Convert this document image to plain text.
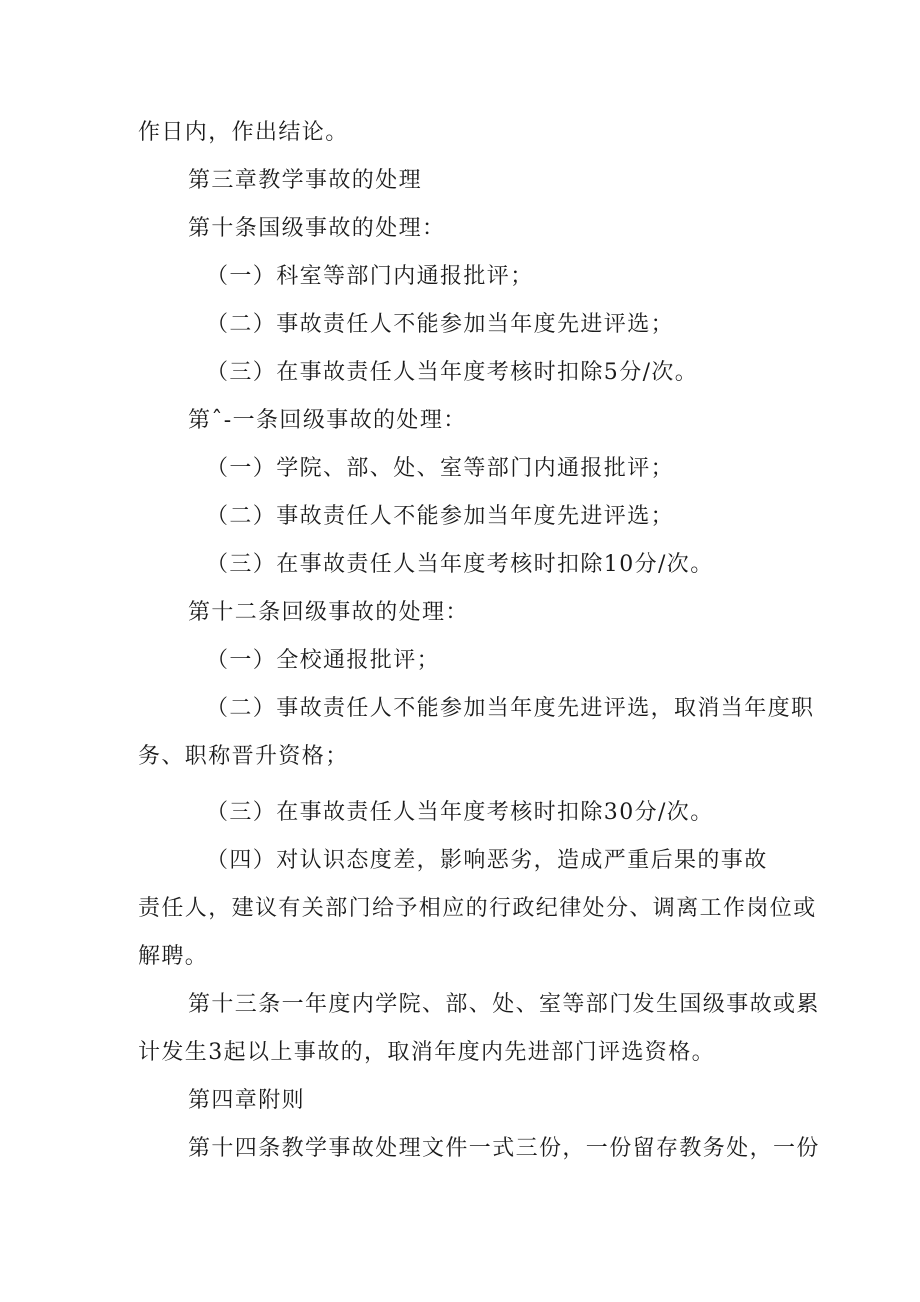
作日内，作出结论。
第三章教学事故的处理
第十条国级事故的处理：
（一）科室等部门内通报批评；
（二）事故责任人不能参加当年度先进评选；
（三）在事故责任人当年度考核时扣除5分/次。
第ˆ-一条回级事故的处理：
（一）学院、部、处、室等部门内通报批评；
（二）事故责任人不能参加当年度先进评选；
（三）在事故责任人当年度考核时扣除10分/次。
第十二条回级事故的处理：
（一）全校通报批评；
（二）事故责任人不能参加当年度先进评选，取消当年度职
务、职称晋升资格；
（三）在事故责任人当年度考核时扣除30分/次。
（四）对认识态度差，影响恶劣，造成严重后果的事故
责任人，建议有关部门给予相应的行政纪律处分、调离工作岗位或
解聘。
第十三条一年度内学院、部、处、室等部门发生国级事故或累
计发生3起以上事故的，取消年度内先进部门评选资格。
第四章附则
第十四条教学事故处理文件一式三份，一份留存教务处，一份
